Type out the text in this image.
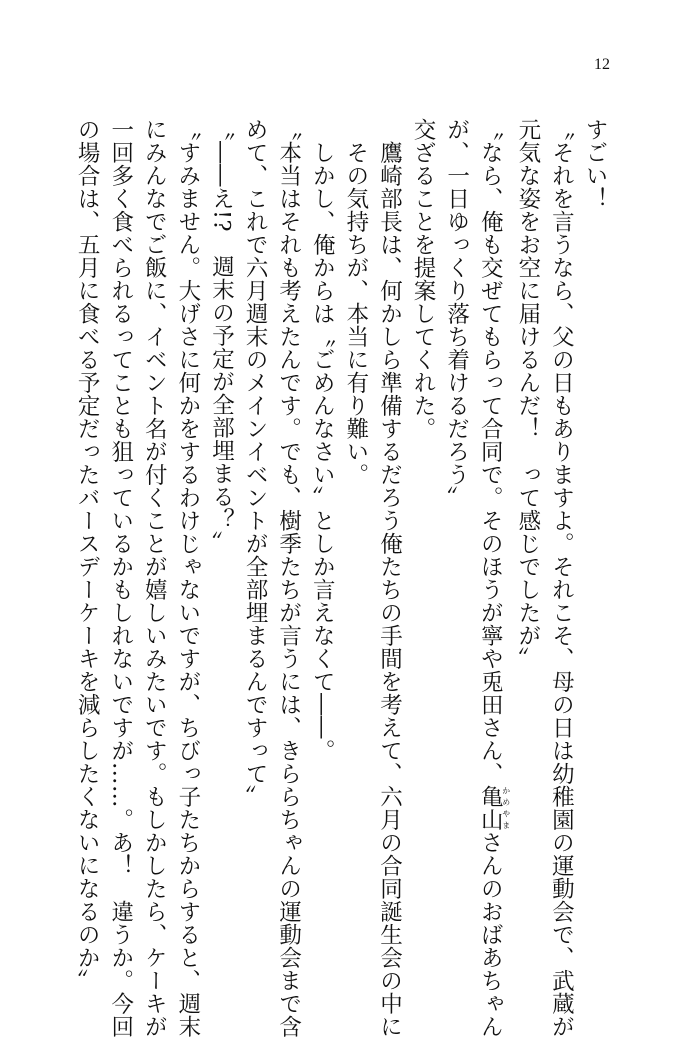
12
すごい！
〝それを言うなら、父の日もありますよ。それこそ、母の日は幼稚園の運動会で、武蔵が
元気な姿をお空に届けるんだ！　って感じでしたが〟
〝なら、俺も交ぜてもらって合同で。そのほうが寧や兎田さん、亀山かめやまさんのおばあちゃん
が、一日ゆっくり落ち着けるだろう〟
交ざることを提案してくれた。
　鷹崎部長は、何かしら準備するだろう俺たちの手間を考えて、六月の合同誕生会の中に
　その気持ちが、本当に有り難い。
　しかし、俺からは〝ごめんなさい〟としか言えなくて――。
〝本当はそれも考えたんです。でも、樹季たちが言うには、きららちゃんの運動会まで含
めて、これで六月週末のメインイベントが全部埋まるんですって〟
〝――え!?　週末の予定が全部埋まる？〟
〝すみません。大げさに何かをするわけじゃないですが、ちびっ子たちからすると、週末
にみんなでご飯に、イベント名が付くことが嬉しいみたいです。もしかしたら、ケーキが
一回多く食べられるってことも狙っているかもしれないですが……。あ！　違うか。今回
の場合は、五月に食べる予定だったバースデーケーキを減らしたくないになるのか〟
